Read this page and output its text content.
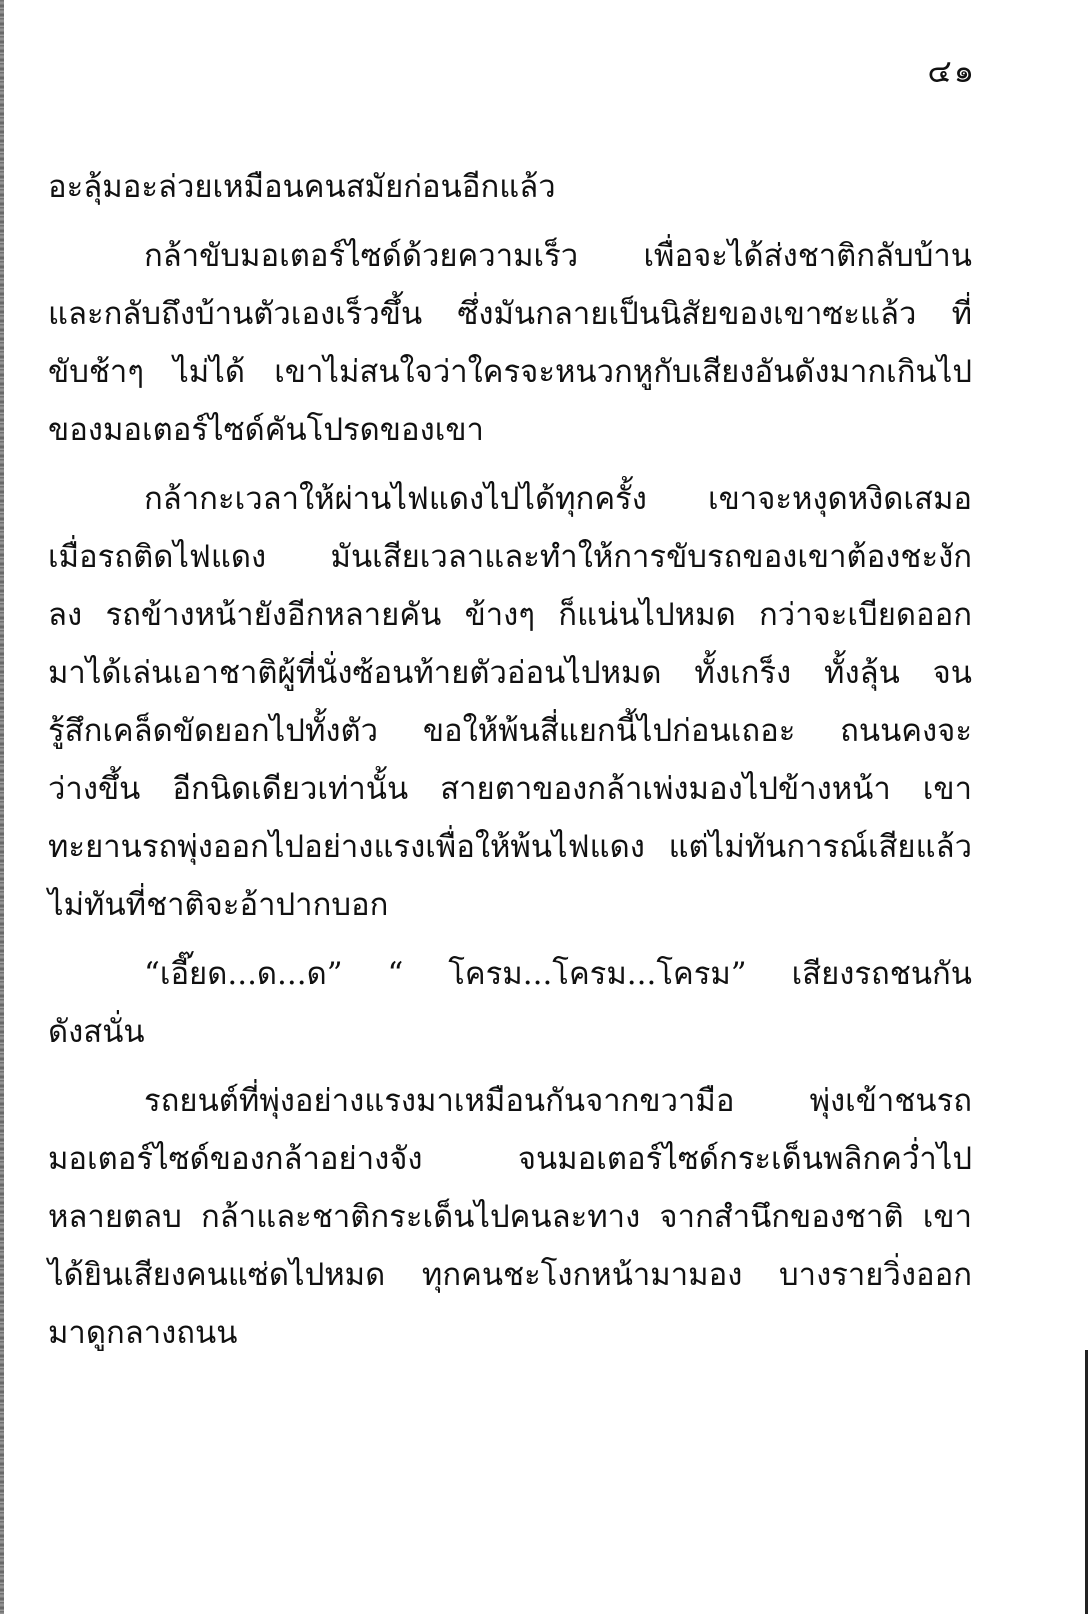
๔๑
อะลุ้มอะล่วยเหมือนคนสมัยก่อนอีกแล้ว
กล้าขับมอเตอร์ไซด์ด้วยความเร็ว เพื่อจะได้ส่งชาติกลับบ้าน
และกลับถึงบ้านตัวเองเร็วขึ้น ซึ่งมันกลายเป็นนิสัยของเขาซะแล้ว ที่
ขับช้าๆ ไม่ได้ เขาไม่สนใจว่าใครจะหนวกหูกับเสียงอันดังมากเกินไป
ของมอเตอร์ไซด์คันโปรดของเขา
กล้ากะเวลาให้ผ่านไฟแดงไปได้ทุกครั้ง เขาจะหงุดหงิดเสมอ
เมื่อรถติดไฟแดง มันเสียเวลาและทำให้การขับรถของเขาต้องชะงัก
ลง รถข้างหน้ายังอีกหลายคัน ข้างๆ ก็แน่นไปหมด กว่าจะเบียดออก
มาได้เล่นเอาชาติผู้ที่นั่งซ้อนท้ายตัวอ่อนไปหมด ทั้งเกร็ง ทั้งลุ้น จน
รู้สึกเคล็ดขัดยอกไปทั้งตัว ขอให้พ้นสี่แยกนี้ไปก่อนเถอะ ถนนคงจะ
ว่างขึ้น อีกนิดเดียวเท่านั้น สายตาของกล้าเพ่งมองไปข้างหน้า เขา
ทะยานรถพุ่งออกไปอย่างแรงเพื่อให้พ้นไฟแดง แต่ไม่ทันการณ์เสียแล้ว
ไม่ทันที่ชาติจะอ้าปากบอก
“เอี๊ยด...ด...ด” “ โครม...โครม...โครม” เสียงรถชนกัน
ดังสนั่น
รถยนต์ที่พุ่งอย่างแรงมาเหมือนกันจากขวามือ พุ่งเข้าชนรถ
มอเตอร์ไซด์ของกล้าอย่างจัง จนมอเตอร์ไซด์กระเด็นพลิกคว่ำไป
หลายตลบ กล้าและชาติกระเด็นไปคนละทาง จากสำนึกของชาติ เขา
ได้ยินเสียงคนแซ่ดไปหมด ทุกคนชะโงกหน้ามามอง บางรายวิ่งออก
มาดูกลางถนน
